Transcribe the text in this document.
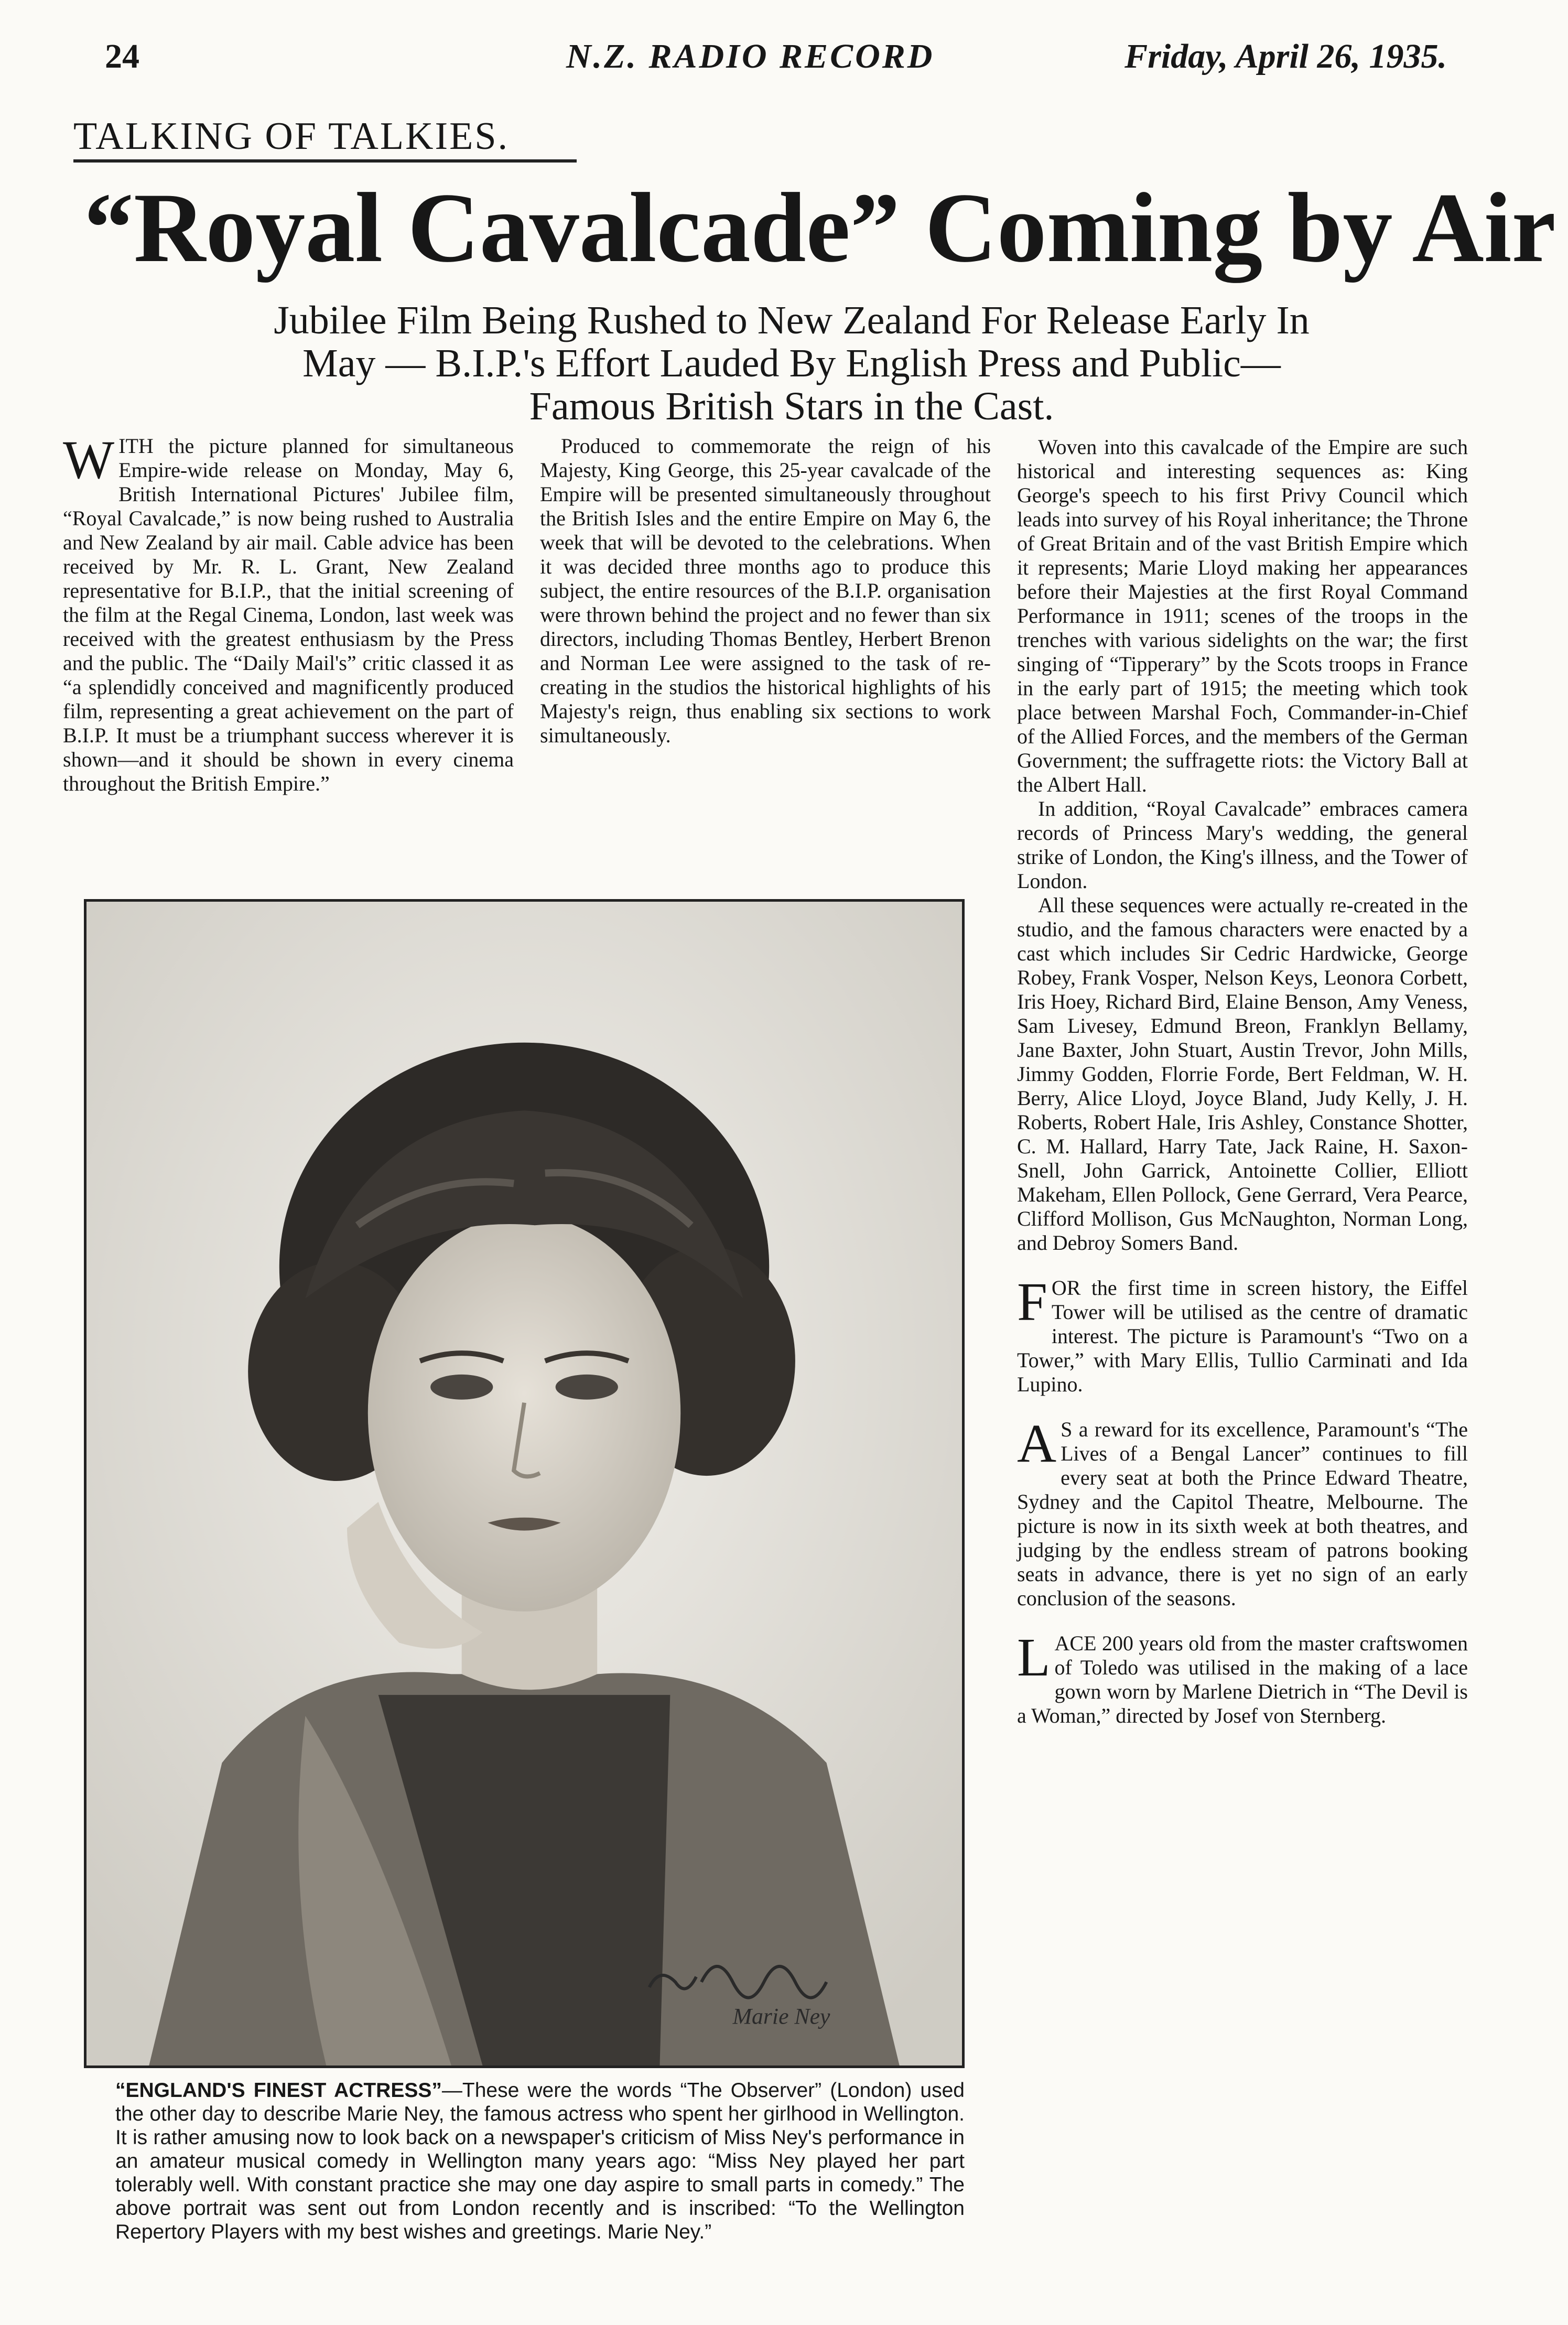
24	N.Z. RADIO RECORD	Friday, April 26, 1935.
TALKING OF TALKIES.
“Royal Cavalcade” Coming by Air
Jubilee Film Being Rushed to New Zealand For Release Early In
May — B.I.P.'s Effort Lauded By English Press and Public—
Famous British Stars in the Cast.

WITH the picture planned for simultaneous Empire-wide release on Monday, May 6, British International Pictures' Jubilee film, “Royal Cavalcade,” is now being rushed to Australia and New Zealand by air mail. Cable advice has been received by Mr. R. L. Grant, New Zealand representative for B.I.P., that the initial screening of the film at the Regal Cinema, London, last week was received with the greatest enthusiasm by the Press and the public. The “Daily Mail's” critic classed it as “a splendidly conceived and magnificently produced film, representing a great achievement on the part of B.I.P. It must be a triumphant success wherever it is shown—and it should be shown in every cinema throughout the British Empire.”

Produced to commemorate the reign of his Majesty, King George, this 25-year cavalcade of the Empire will be presented simultaneously throughout the British Isles and the entire Empire on May 6, the week that will be devoted to the celebrations. When it was decided three months ago to produce this subject, the entire resources of the B.I.P. organisation were thrown behind the project and no fewer than six directors, including Thomas Bentley, Herbert Brenon and Norman Lee were assigned to the task of re-creating in the studios the historical highlights of his Majesty's reign, thus enabling six sections to work simultaneously.

Woven into this cavalcade of the Empire are such historical and interesting sequences as: King George's speech to his first Privy Council which leads into survey of his Royal inheritance; the Throne of Great Britain and of the vast British Empire which it represents; Marie Lloyd making her appearances before their Majesties at the first Royal Command Performance in 1911; scenes of the troops in the trenches with various sidelights on the war; the first singing of “Tipperary” by the Scots troops in France in the early part of 1915; the meeting which took place between Marshal Foch, Commander-in-Chief of the Allied Forces, and the members of the German Government; the suffragette riots: the Victory Ball at the Albert Hall.

In addition, “Royal Cavalcade” embraces camera records of Princess Mary's wedding, the general strike of London, the King's illness, and the Tower of London.

All these sequences were actually re-created in the studio, and the famous characters were enacted by a cast which includes Sir Cedric Hardwicke, George Robey, Frank Vosper, Nelson Keys, Leonora Corbett, Iris Hoey, Richard Bird, Elaine Benson, Amy Veness, Sam Livesey, Edmund Breon, Franklyn Bellamy, Jane Baxter, John Stuart, Austin Trevor, John Mills, Jimmy Godden, Florrie Forde, Bert Feldman, W. H. Berry, Alice Lloyd, Joyce Bland, Judy Kelly, J. H. Roberts, Robert Hale, Iris Ashley, Constance Shotter, C. M. Hallard, Harry Tate, Jack Raine, H. Saxon-Snell, John Garrick, Antoinette Collier, Elliott Makeham, Ellen Pollock, Gene Gerrard, Vera Pearce, Clifford Mollison, Gus McNaughton, Norman Long, and Debroy Somers Band.

FOR the first time in screen history, the Eiffel Tower will be utilised as the centre of dramatic interest. The picture is Paramount's “Two on a Tower,” with Mary Ellis, Tullio Carminati and Ida Lupino.

A S a reward for its excellence, Paramount's “The Lives of a Bengal Lancer” continues to fill every seat at both the Prince Edward Theatre, Sydney and the Capitol Theatre, Melbourne. The picture is now in its sixth week at both theatres, and judging by the endless stream of patrons booking seats in advance, there is yet no sign of an early conclusion of the seasons.

LACE 200 years old from the master craftswomen of Toledo was utilised in the making of a lace gown worn by Marlene Dietrich in “The Devil is a Woman,” directed by Josef von Sternberg.

Marie Ney
“ENGLAND'S FINEST ACTRESS”—These were the words “The Observer” (London) used the other day to describe Marie Ney, the famous actress who spent her girlhood in Wellington. It is rather amusing now to look back on a newspaper's criticism of Miss Ney's performance in an amateur musical comedy in Wellington many years ago: “Miss Ney played her part tolerably well. With constant practice she may one day aspire to small parts in comedy.” The above portrait was sent out from London recently and is inscribed: “To the Wellington Repertory Players with my best wishes and greetings. Marie Ney.”
